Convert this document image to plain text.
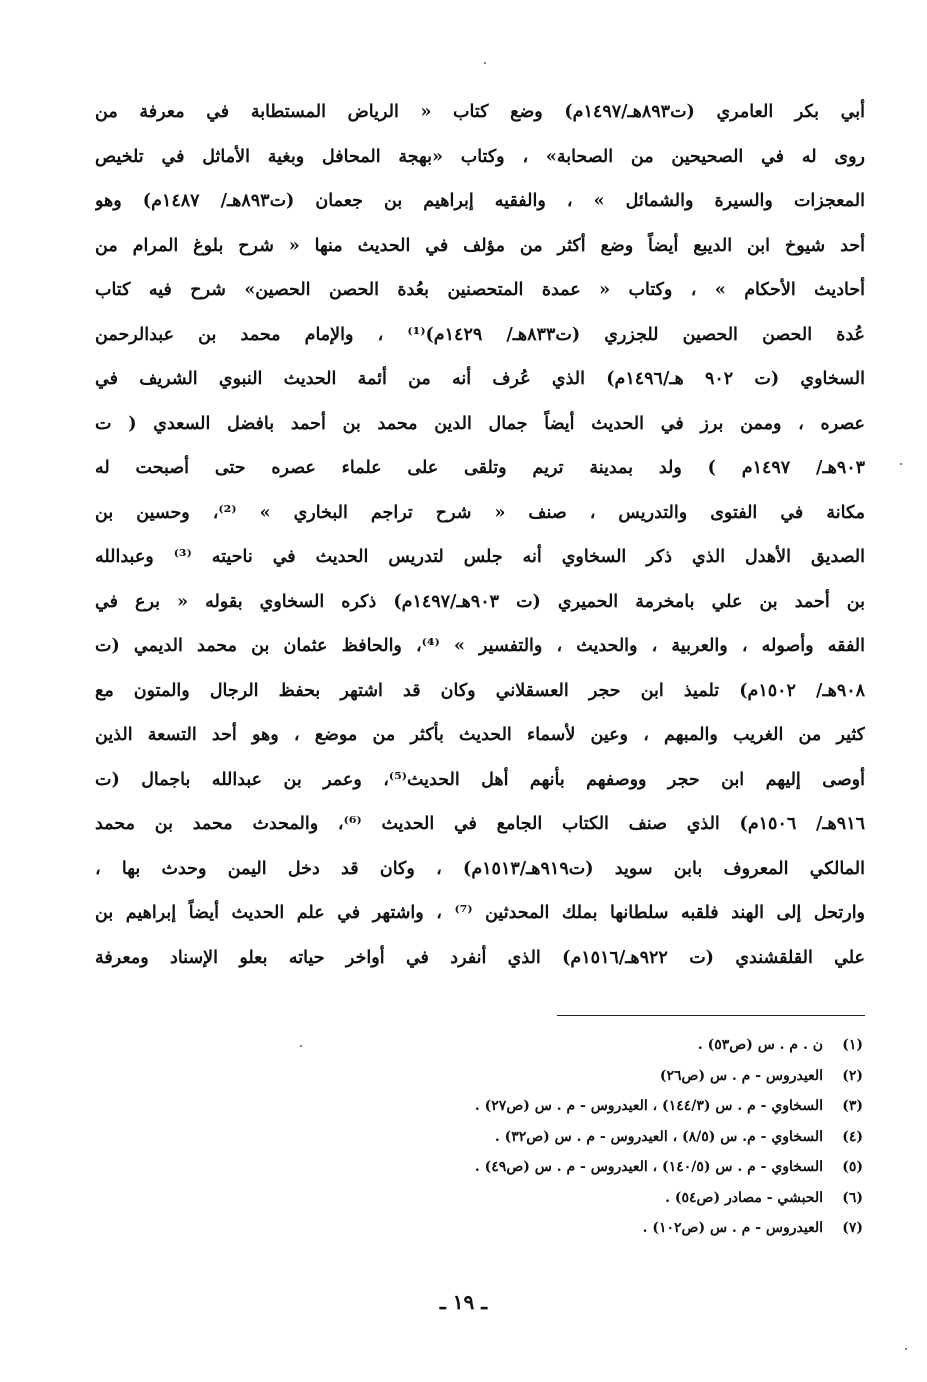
أبي بكر العامري (ت٨٩٣هـ/١٤٩٧م) وضع كتاب « الرياض المستطابة في معرفة من
روى له في الصحيحين من الصحابة» ، وكتاب «بهجة المحافل وبغية الأماثل في تلخيص
المعجزات والسيرة والشمائل » ، والفقيه إبراهيم بن جعمان (ت٨٩٣هـ/ ١٤٨٧م) وهو
أحد شيوخ ابن الديبع أيضاً وضع أكثر من مؤلف في الحديث منها « شرح بلوغ المرام من
أحاديث الأحكام » ، وكتاب « عمدة المتحصنين بعُدة الحصن الحصين» شرح فيه كتاب
عُدة الحصن الحصين للجزري (ت٨٣٣هـ/ ١٤٢٩م)⁽¹⁾ ، والإمام محمد بن عبدالرحمن
السخاوي (ت ٩٠٢ هـ/١٤٩٦م) الذي عُرف أنه من أئمة الحديث النبوي الشريف في
عصره ، وممن برز في الحديث أيضاً جمال الدين محمد بن أحمد بافضل السعدي ( ت
٩٠٣هـ/ ١٤٩٧م ) ولد بمدينة تريم وتلقى على علماء عصره حتى أصبحت له
مكانة في الفتوى والتدريس ، صنف « شرح تراجم البخاري » ⁽²⁾، وحسين بن
الصديق الأهدل الذي ذكر السخاوي أنه جلس لتدريس الحديث في ناحيته ⁽³⁾ وعبدالله
بن أحمد بن علي بامخرمة الحميري (ت ٩٠٣هـ/١٤٩٧م) ذكره السخاوي بقوله « برع في
الفقه وأصوله ، والعربية ، والحديث ، والتفسير » ⁽⁴⁾، والحافظ عثمان بن محمد الديمي (ت
٩٠٨هـ/ ١٥٠٢م) تلميذ ابن حجر العسقلاني وكان قد اشتهر بحفظ الرجال والمتون مع
كثير من الغريب والمبهم ، وعين لأسماء الحديث بأكثر من موضع ، وهو أحد التسعة الذين
أوصى إليهم ابن حجر ووصفهم بأنهم أهل الحديث⁽⁵⁾، وعمر بن عبدالله باجمال (ت
٩١٦هـ/ ١٥٠٦م) الذي صنف الكتاب الجامع في الحديث ⁽⁶⁾، والمحدث محمد بن محمد
المالكي المعروف بابن سويد (ت٩١٩هـ/١٥١٣م) ، وكان قد دخل اليمن وحدث بها ،
وارتحل إلى الهند فلقبه سلطانها بملك المحدثين ⁽⁷⁾ ، واشتهر في علم الحديث أيضاً إبراهيم بن
علي القلقشندي (ت ٩٢٢هـ/١٥١٦م) الذي أنفرد في أواخر حياته بعلو الإسناد ومعرفة
(١)ن . م . س (ص٥٣) .
(٢)العيدروس - م . س (ص٢٦)
(٣)السخاوي - م . س (١٤٤/٣) ، العيدروس - م . س (ص٢٧) .
(٤)السخاوي - م. س (٨/٥) ، العيدروس - م . س (ص٣٢) .
(٥)السخاوي - م . س (١٤٠/٥) ، العيدروس - م . س (ص٤٩) .
(٦)الحبشي - مصادر (ص٥٤) .
(٧)العيدروس - م . س (ص١٠٢) .
ـ ١٩ ـ
